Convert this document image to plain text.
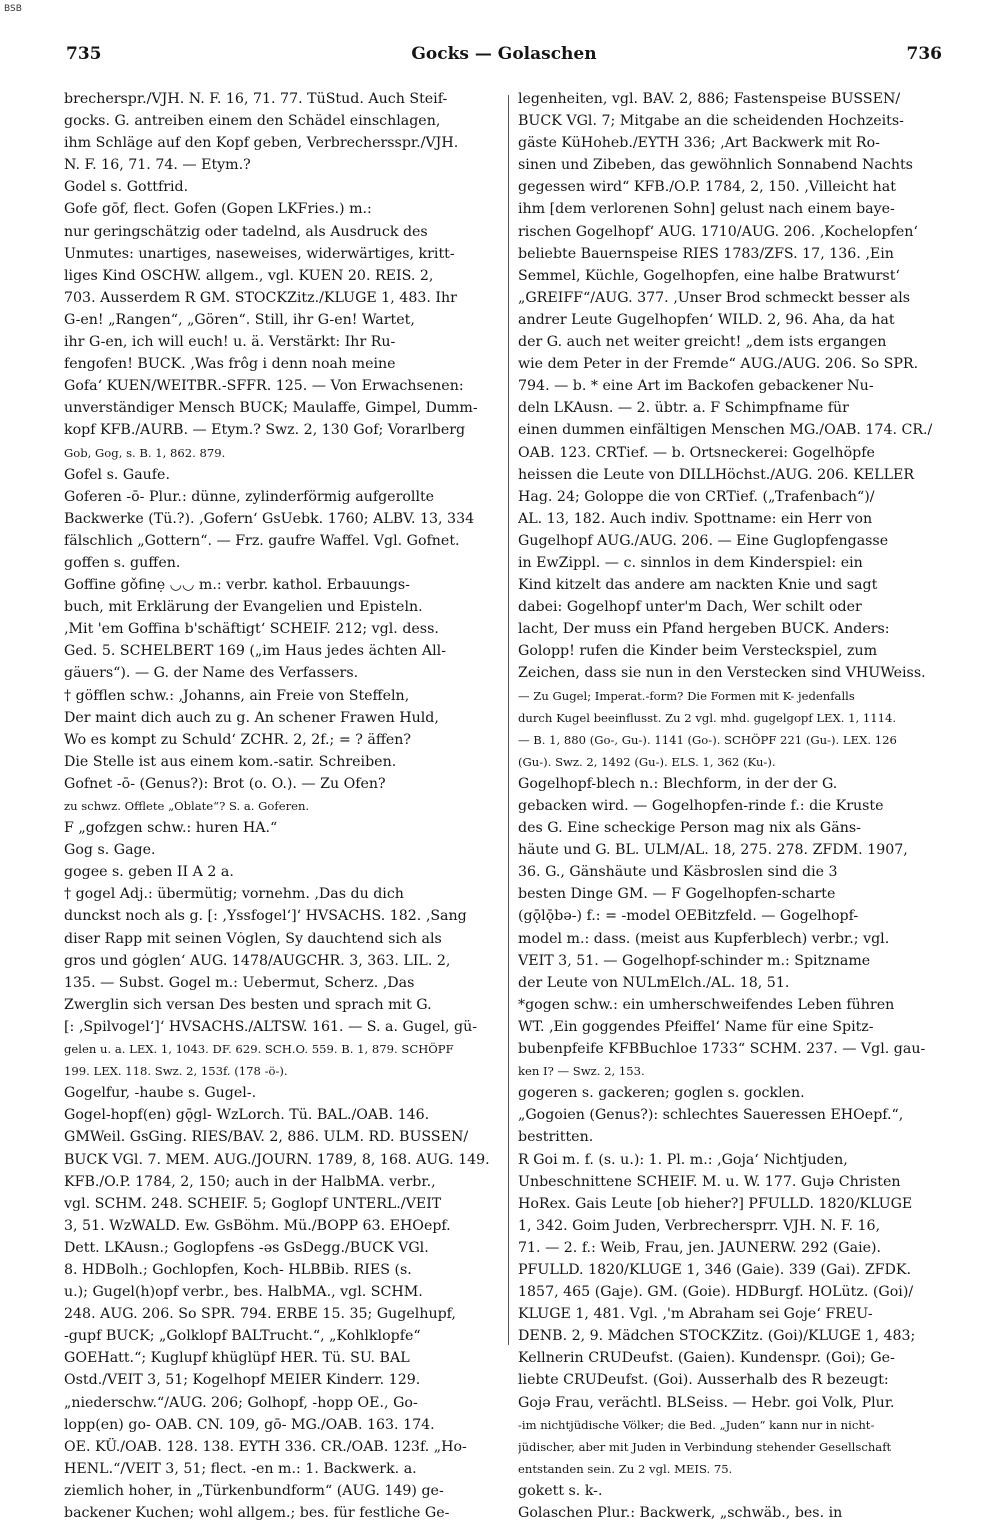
BSB
735	Gocks — Golaschen	736
brecherspr./VJH. N. F. 16, 71. 77. TüStud. Auch Steif-
gocks. G. antreiben einem den Schädel einschlagen,
ihm Schläge auf den Kopf geben, Verbrechersspr./VJH.
N. F. 16, 71. 74. — Etym.?
Godel s. Gottfrid.
Gofe gōf, flect. Gofen (Gopen LKFries.) m.:
nur geringschätzig oder tadelnd, als Ausdruck des
Unmutes: unartiges, naseweises, widerwärtiges, kritt-
liges Kind OSCHW. allgem., vgl. KUEN 20. REIS. 2,
703. Ausserdem R GM. STOCKZitz./KLUGE 1, 483. Ihr
G-en! „Rangen“, „Gören“. Still, ihr G-en! Wartet,
ihr G-en, ich will euch! u. ä. Verstärkt: Ihr Ru-
fengofen! BUCK. ‚Was frôg i denn noah meine
Gofa‘ KUEN/WEITBR.-SFFR. 125. — Von Erwachsenen:
unverständiger Mensch BUCK; Maulaffe, Gimpel, Dumm-
kopf KFB./AURB. — Etym.? Swz. 2, 130 Gof; Vorarlberg
Gob, Gog, s. B. 1, 862. 879.
Gofel s. Gaufe.
Goferen -ō- Plur.: dünne, zylinderförmig aufgerollte
Backwerke (Tü.?). ‚Gofern‘ GsUebk. 1760; ALBV. 13, 334
fälschlich „Gottern“. — Frz. gaufre Waffel. Vgl. Gofnet.
goffen s. guffen.
Goffine gǒfinẹ ◡◡ m.: verbr. kathol. Erbauungs-
buch, mit Erklärung der Evangelien und Episteln.
‚Mit 'em Goffina b'schäftigt‘ SCHEIF. 212; vgl. dess.
Ged. 5. SCHELBERT 169 („im Haus jedes ächten All-
gäuers“). — G. der Name des Verfassers.
† göfflen schw.: ‚Johanns, ain Freie von Steffeln,
Der maint dich auch zu g. An schener Frawen Huld,
Wo es kompt zu Schuld‘ ZCHR. 2, 2f.; = ? äffen?
Die Stelle ist aus einem kom.-satir. Schreiben.
Gofnet -ō- (Genus?): Brot (o. O.). — Zu Ofen?
zu schwz. Offlete „Oblate“? S. a. Goferen.
F „gofzgen schw.: huren HA.“
Gog s. Gage.
gogee s. geben II A 2 a.
† gogel Adj.: übermütig; vornehm. ‚Das du dich
dunckst noch als g. [: ‚Yssfogel‘]‘ HVSACHS. 182. ‚Sang
diser Rapp mit seinen Vȯglen, Sy dauchtend sich als
gros und gȯglen‘ AUG. 1478/AUGCHR. 3, 363. LIL. 2,
135. — Subst. Gogel m.: Uebermut, Scherz. ‚Das
Zwerglin sich versan Des besten und sprach mit G.
[: ‚Spilvogel‘]‘ HVSACHS./ALTSW. 161. — S. a. Gugel, gü-
gelen u. a. LEX. 1, 1043. DF. 629. SCH.O. 559. B. 1, 879. SCHÖPF
199. LEX. 118. Swz. 2, 153f. (178 -ö-).
Gogelfur, -haube s. Gugel-.
Gogel-hopf(en) gǭgl- WzLorch. Tü. BAL./OAB. 146.
GMWeil. GsGing. RIES/BAV. 2, 886. ULM. RD. BUSSEN/
BUCK VGl. 7. MEM. AUG./JOURN. 1789, 8, 168. AUG. 149.
KFB./O.P. 1784, 2, 150; auch in der HalbMA. verbr.,
vgl. SCHM. 248. SCHEIF. 5; Goglopf UNTERL./VEIT
3, 51. WzWALD. Ew. GsBöhm. Mü./BOPP 63. EHOepf.
Dett. LKAusn.; Goglopfens -əs GsDegg./BUCK VGl.
8. HDBolh.; Gochlopfen, Koch- HLBBib. RIES (s.
u.); Gugel(h)opf verbr., bes. HalbMA., vgl. SCHM.
248. AUG. 206. So SPR. 794. ERBE 15. 35; Gugelhupf,
-gupf BUCK; „Golklopf BALTrucht.“, „Kohlklopfe“
GOEHatt.“; Kuglupf khüglüpf HER. Tü. SU. BAL
Ostd./VEIT 3, 51; Kogelhopf MEIER Kinderr. 129.
„niederschw.“/AUG. 206; Golhopf, -hopp OE., Go-
lopp(en) go- OAB. CN. 109, gō- MG./OAB. 163. 174.
OE. KÜ./OAB. 128. 138. EYTH 336. CR./OAB. 123f. „Ho-
HENL.“/VEIT 3, 51; flect. -en m.: 1. Backwerk. a.
ziemlich hoher, in „Türkenbundform“ (AUG. 149) ge-
backener Kuchen; wohl allgem.; bes. für festliche Ge-
legenheiten, vgl. BAV. 2, 886; Fastenspeise BUSSEN/
BUCK VGl. 7; Mitgabe an die scheidenden Hochzeits-
gäste KüHoheb./EYTH 336; ‚Art Backwerk mit Ro-
sinen und Zibeben, das gewöhnlich Sonnabend Nachts
gegessen wird“ KFB./O.P. 1784, 2, 150. ‚Villeicht hat
ihm [dem verlorenen Sohn] gelust nach einem baye-
rischen Gogelhopf‘ AUG. 1710/AUG. 206. ‚Kochelopfen‘
beliebte Bauernspeise RIES 1783/ZFS. 17, 136. ‚Ein
Semmel, Küchle, Gogelhopfen, eine halbe Bratwurst‘
„GREIFF“/AUG. 377. ‚Unser Brod schmeckt besser als
andrer Leute Gugelhopfen‘ WILD. 2, 96. Aha, da hat
der G. auch net weiter greicht! „dem ists ergangen
wie dem Peter in der Fremde“ AUG./AUG. 206. So SPR.
794. — b. * eine Art im Backofen gebackener Nu-
deln LKAusn. — 2. übtr. a. F Schimpfname für
einen dummen einfältigen Menschen MG./OAB. 174. CR./
OAB. 123. CRTief. — b. Ortsneckerei: Gogelhöpfe
heissen die Leute von DILLHöchst./AUG. 206. KELLER
Hag. 24; Goloppe die von CRTief. („Trafenbach“)/
AL. 13, 182. Auch indiv. Spottname: ein Herr von
Gugelhopf AUG./AUG. 206. — Eine Guglopfengasse
in EwZippl. — c. sinnlos in dem Kinderspiel: ein
Kind kitzelt das andere am nackten Knie und sagt
dabei: Gogelhopf unter'm Dach, Wer schilt oder
lacht, Der muss ein Pfand hergeben BUCK. Anders:
Golopp! rufen die Kinder beim Versteckspiel, zum
Zeichen, dass sie nun in den Verstecken sind VHUWeiss.
— Zu Gugel; Imperat.-form? Die Formen mit K- jedenfalls
durch Kugel beeinflusst. Zu 2 vgl. mhd. gugelgopf LEX. 1, 1114.
— B. 1, 880 (Go-, Gu-). 1141 (Go-). SCHÖPF 221 (Gu-). LEX. 126
(Gu-). Swz. 2, 1492 (Gu-). ELS. 1, 362 (Ku-).
Gogelhopf-blech n.: Blechform, in der der G.
gebacken wird. — Gogelhopfen-rinde f.: die Kruste
des G. Eine scheckige Person mag nix als Gäns-
häute und G. BL. ULM/AL. 18, 275. 278. ZFDM. 1907,
36. G., Gänshäute und Käsbroslen sind die 3
besten Dinge GM. — F Gogelhopfen-scharte
(gǭlǭbə-) f.: = -model OEBitzfeld. — Gogelhopf-
model m.: dass. (meist aus Kupferblech) verbr.; vgl.
VEIT 3, 51. — Gogelhopf-schinder m.: Spitzname
der Leute von NULmElch./AL. 18, 51.
*gogen schw.: ein umherschweifendes Leben führen
WT. ‚Ein goggendes Pfeiffel‘ Name für eine Spitz-
bubenpfeife KFBBuchloe 1733“ SCHM. 237. — Vgl. gau-
ken I? — Swz. 2, 153.
gogeren s. gackeren; goglen s. gocklen.
„Gogoien (Genus?): schlechtes Saueressen EHOepf.“,
bestritten.
R Goi m. f. (s. u.): 1. Pl. m.: ‚Goja‘ Nichtjuden,
Unbeschnittene SCHEIF. M. u. W. 177. Gujə Christen
HoRex. Gais Leute [ob hieher?] PFULLD. 1820/KLUGE
1, 342. Goim Juden, Verbrechersprr. VJH. N. F. 16,
71. — 2. f.: Weib, Frau, jen. JAUNERW. 292 (Gaie).
PFULLD. 1820/KLUGE 1, 346 (Gaie). 339 (Gai). ZFDK.
1857, 465 (Gaje). GM. (Goie). HDBurgf. HOLütz. (Goi)/
KLUGE 1, 481. Vgl. ‚'m Abraham sei Goje‘ FREU-
DENB. 2, 9. Mädchen STOCKZitz. (Goi)/KLUGE 1, 483;
Kellnerin CRUDeufst. (Gaien). Kundenspr. (Goi); Ge-
liebte CRUDeufst. (Goi). Ausserhalb des R bezeugt:
Gojə Frau, verächtl. BLSeiss. — Hebr. goi Volk, Plur.
-im nichtjüdische Völker; die Bed. „Juden“ kann nur in nicht-
jüdischer, aber mit Juden in Verbindung stehender Gesellschaft
entstanden sein. Zu 2 vgl. MEIS. 75.
gokett s. k-.
Golaschen Plur.: Backwerk, „schwäb., bes. in
